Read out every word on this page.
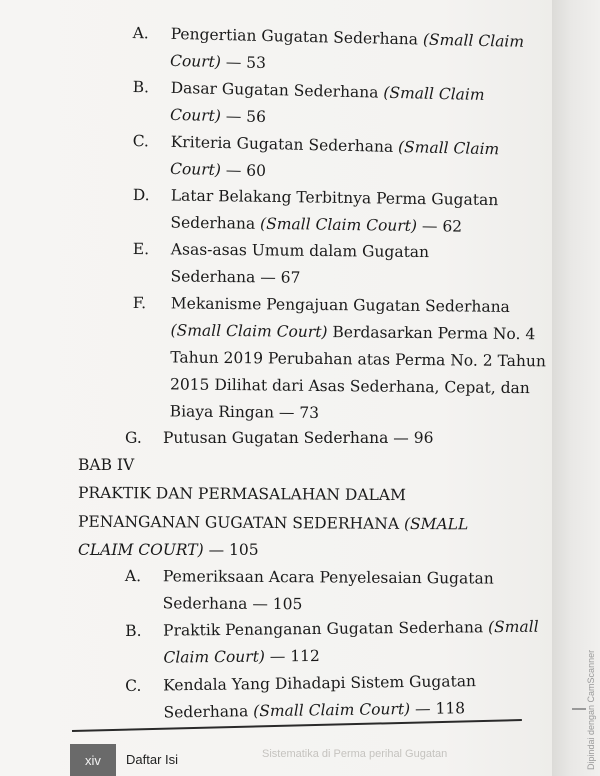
A.	Pengertian Gugatan Sederhana (Small Claim
Court) — 53
B.	Dasar Gugatan Sederhana (Small Claim
Court) — 56
C.	Kriteria Gugatan Sederhana (Small Claim
Court) — 60
D.	Latar Belakang Terbitnya Perma Gugatan
Sederhana (Small Claim Court) — 62
E.	Asas-asas Umum dalam Gugatan
Sederhana — 67
F.	Mekanisme Pengajuan Gugatan Sederhana
(Small Claim Court) Berdasarkan Perma No. 4
Tahun 2019 Perubahan atas Perma No. 2 Tahun
2015 Dilihat dari Asas Sederhana, Cepat, dan
Biaya Ringan — 73
G.	Putusan Gugatan Sederhana — 96
BAB IV
PRAKTIK DAN PERMASALAHAN DALAM
PENANGANAN GUGATAN SEDERHANA (SMALL
CLAIM COURT) — 105
A.	Pemeriksaan Acara Penyelesaian Gugatan
Sederhana — 105
B.	Praktik Penanganan Gugatan Sederhana (Small
Claim Court) — 112
C.	Kendala Yang Dihadapi Sistem Gugatan
Sederhana (Small Claim Court) — 118
xiv	Daftar Isi	Sistematika di Perma perihal Gugatan	Dipindai dengan CamScanner
